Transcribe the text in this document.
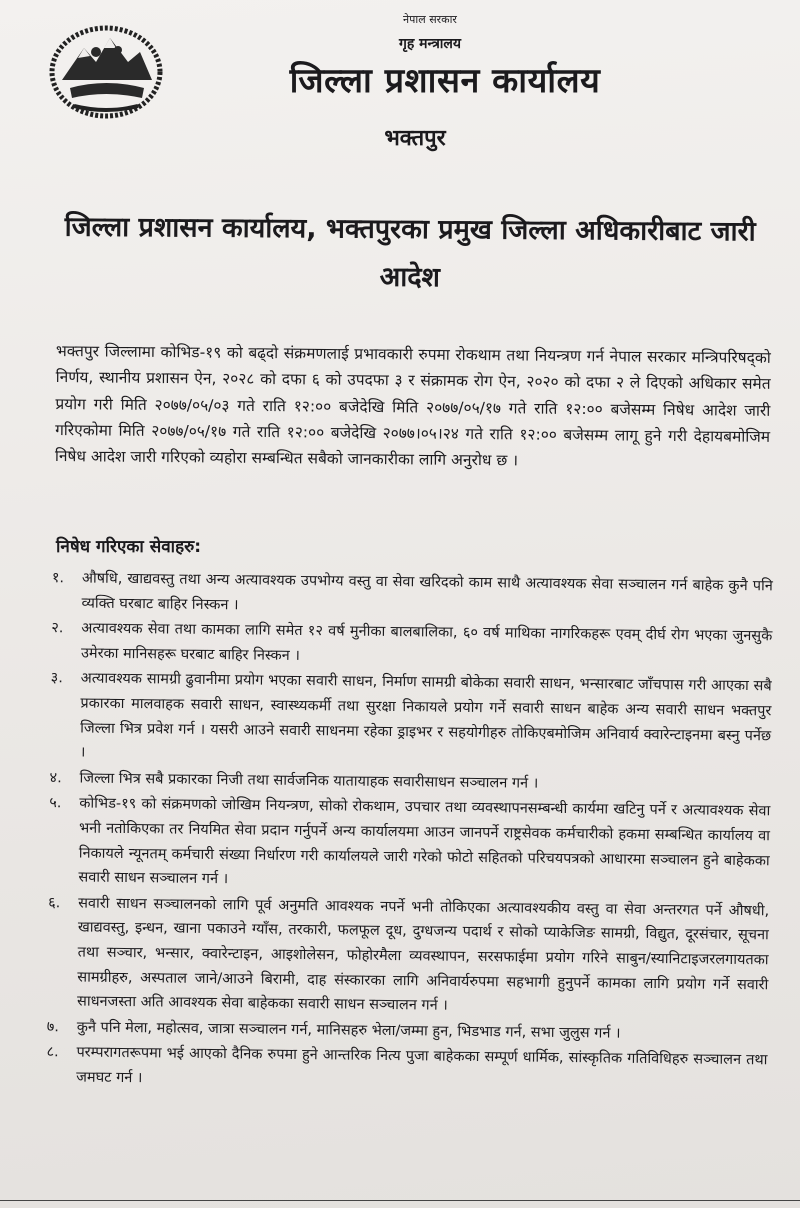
नेपाल सरकार
गृह मन्त्रालय
जिल्ला प्रशासन कार्यालय
भक्तपुर
जिल्ला प्रशासन कार्यालय, भक्तपुरका प्रमुख जिल्ला अधिकारीबाट जारी आदेश

भक्तपुर जिल्लामा कोभिड-१९ को बढ्दो संक्रमणलाई प्रभावकारी रुपमा रोकथाम तथा नियन्त्रण गर्न नेपाल सरकार मन्त्रिपरिषद्को निर्णय, स्थानीय प्रशासन ऐन, २०२८ को दफा ६ को उपदफा ३ र संक्रामक रोग ऐन, २०२० को दफा २ ले दिएको अधिकार समेत प्रयोग गरी मिति २०७७/०५/०३ गते राति १२:०० बजेदेखि मिति २०७७/०५/१७ गते राति १२:०० बजेसम्म निषेध आदेश जारी गरिएकोमा मिति २०७७/०५/१७ गते राति १२:०० बजेदेखि २०७७।०५।२४ गते राति १२:०० बजेसम्म लागू हुने गरी देहायबमोजिम निषेध आदेश जारी गरिएको व्यहोरा सम्बन्धित सबैको जानकारीका लागि अनुरोध छ ।

निषेध गरिएका सेवाहरु:
१.	औषधि, खाद्यवस्तु तथा अन्य अत्यावश्यक उपभोग्य वस्तु वा सेवा खरिदको काम साथै अत्यावश्यक सेवा सञ्चालन गर्न बाहेक कुनै पनि व्यक्ति घरबाट बाहिर निस्कन ।
२.	अत्यावश्यक सेवा तथा कामका लागि समेत १२ वर्ष मुनीका बालबालिका, ६० वर्ष माथिका नागरिकहरू एवम् दीर्घ रोग भएका जुनसुकै उमेरका मानिसहरू घरबाट बाहिर निस्कन ।
३.	अत्यावश्यक सामग्री ढुवानीमा प्रयोग भएका सवारी साधन, निर्माण सामग्री बोकेका सवारी साधन, भन्सारबाट जाँचपास गरी आएका सबै प्रकारका मालवाहक सवारी साधन, स्वास्थ्यकर्मी तथा सुरक्षा निकायले प्रयोग गर्ने सवारी साधन बाहेक अन्य सवारी साधन भक्तपुर जिल्ला भित्र प्रवेश गर्न । यसरी आउने सवारी साधनमा रहेका ड्राइभर र सहयोगीहरु तोकिएबमोजिम अनिवार्य क्वारेन्टाइनमा बस्नु पर्नेछ ।
४.	जिल्ला भित्र सबै प्रकारका निजी तथा सार्वजनिक यातायाहक सवारीसाधन सञ्चालन गर्न ।
५.	कोभिड-१९ को संक्रमणको जोखिम नियन्त्रण, सोको रोकथाम, उपचार तथा व्यवस्थापनसम्बन्धी कार्यमा खटिनु पर्ने र अत्यावश्यक सेवा भनी नतोकिएका तर नियमित सेवा प्रदान गर्नुपर्ने अन्य कार्यालयमा आउन जानपर्ने राष्ट्रसेवक कर्मचारीको हकमा सम्बन्धित कार्यालय वा निकायले न्यूनतम् कर्मचारी संख्या निर्धारण गरी कार्यालयले जारी गरेको फोटो सहितको परिचयपत्रको आधारमा सञ्चालन हुने बाहेकका सवारी साधन सञ्चालन गर्न ।
६.	सवारी साधन सञ्चालनको लागि पूर्व अनुमति आवश्यक नपर्ने भनी तोकिएका अत्यावश्यकीय वस्तु वा सेवा अन्तरगत पर्ने औषधी, खाद्यवस्तु, इन्धन, खाना पकाउने ग्याँस, तरकारी, फलफूल दूध, दुग्धजन्य पदार्थ र सोको प्याकेजिङ सामग्री, विद्युत, दूरसंचार, सूचना तथा सञ्चार, भन्सार, क्वारेन्टाइन, आइशोलेसन, फोहोरमैला व्यवस्थापन, सरसफाईमा प्रयोग गरिने साबुन/स्यानिटाइजरलगायतका सामग्रीहरु, अस्पताल जाने/आउने बिरामी, दाह संस्कारका लागि अनिवार्यरुपमा सहभागी हुनुपर्ने कामका लागि प्रयोग गर्ने सवारी साधनजस्ता अति आवश्यक सेवा बाहेकका सवारी साधन सञ्चालन गर्न ।
७.	कुनै पनि मेला, महोत्सव, जात्रा सञ्चालन गर्न, मानिसहरु भेला/जम्मा हुन, भिडभाड गर्न, सभा जुलुस गर्न ।
८.	परम्परागतरूपमा भई आएको दैनिक रुपमा हुने आन्तरिक नित्य पुजा बाहेकका सम्पूर्ण धार्मिक, सांस्कृतिक गतिविधिहरु सञ्चालन तथा जमघट गर्न ।
